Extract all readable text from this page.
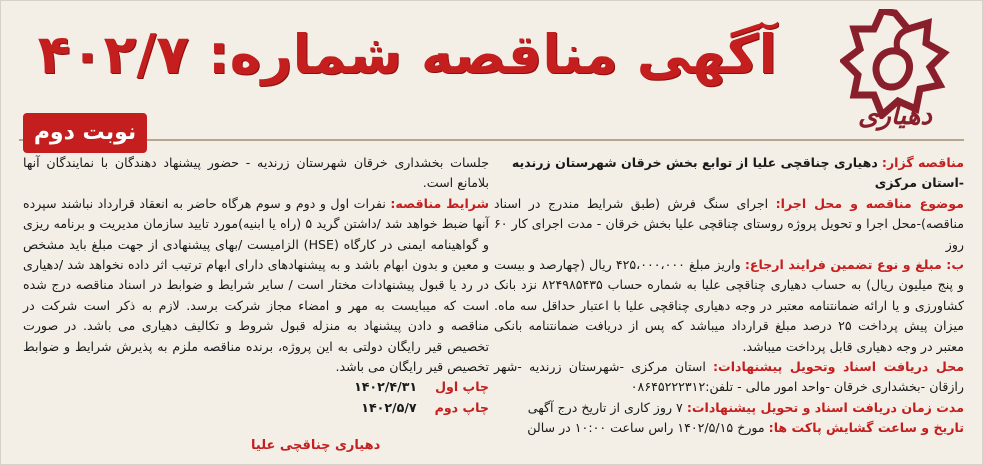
دهیاری
آگهی مناقصه شماره: ۴۰۲/۷
نوبت دوم
مناقصه گزار: دهیاری چناقچی علیا از توابع بخش خرقان شهرستان زرندیه
-استان مرکزی
موضوع مناقصه و محل اجرا: اجرای سنگ فرش (طبق شرایط مندرج در اسناد مناقصه)-محل اجرا و تحویل پروژه روستای چناقچی علیا بخش خرقان - مدت اجرای کار ۶۰ روز
ب: مبلغ و نوع تضمین فرایند ارجاع: واریز مبلغ ۴۲۵،۰۰۰،۰۰۰ ریال (چهارصد و بیست و پنج میلیون ریال) به حساب دهیاری چناقچی علیا به شماره حساب ۸۲۴۹۸۵۴۳۵ نزد بانک کشاورزی و یا ارائه ضمانتنامه معتبر در وجه دهیاری چناقچی علیا با اعتبار حداقل سه ماه. میزان پیش پرداخت ۲۵ درصد مبلغ قرارداد میباشد که پس از دریافت ضمانتنامه بانکی معتبر در وجه دهیاری قابل پرداخت میباشد.
محل دریافت اسناد وتحویل پیشنهادات: استان مرکزی -شهرستان زرندیه -شهر رازقان -بخشداری خرقان -واحد امور مالی - تلفن:۰۸۶۴۵۲۲۲۳۱۲
مدت زمان دریافت اسناد و تحویل پیشنهادات: ۷ روز کاری از تاریخ درج آگهی
تاریخ و ساعت گشایش پاکت ها: مورخ ۱۴۰۲/۵/۱۵ راس ساعت ۱۰:۰۰ در سالن
جلسات بخشداری خرقان شهرستان زرندیه - حضور پیشنهاد دهندگان با نمایندگان آنها بلامانع است.
شرایط مناقصه: نفرات اول و دوم و سوم هرگاه حاضر به انعقاد قرارداد نباشند سپرده آنها ضبط خواهد شد /داشتن گرید ۵ (راه یا ابنیه)مورد تایید سازمان مدیریت و برنامه ریزی و گواهینامه ایمنی در کارگاه (HSE) الزامیست /بهای پیشنهادی از جهت مبلغ باید مشخص و معین و بدون ابهام باشد و به پیشنهادهای دارای ابهام ترتیب اثر داده نخواهد شد /دهیاری در رد یا قبول پیشنهادات مختار است / سایر شرایط و ضوابط در اسناد مناقصه درج شده است که میبایست به مهر و امضاء مجاز شرکت برسد. لازم به ذکر است شرکت در مناقصه و دادن پیشنهاد به منزله قبول شروط و تکالیف دهیاری می باشد. در صورت تخصیص قیر رایگان دولتی به این پروژه، برنده مناقصه ملزم به پذیرش شرایط و ضوابط تخصیص قیر رایگان می باشد.
چاپ اول
۱۴۰۲/۴/۳۱
چاپ دوم
۱۴۰۲/۵/۷
دهیاری چناقچی علیا
